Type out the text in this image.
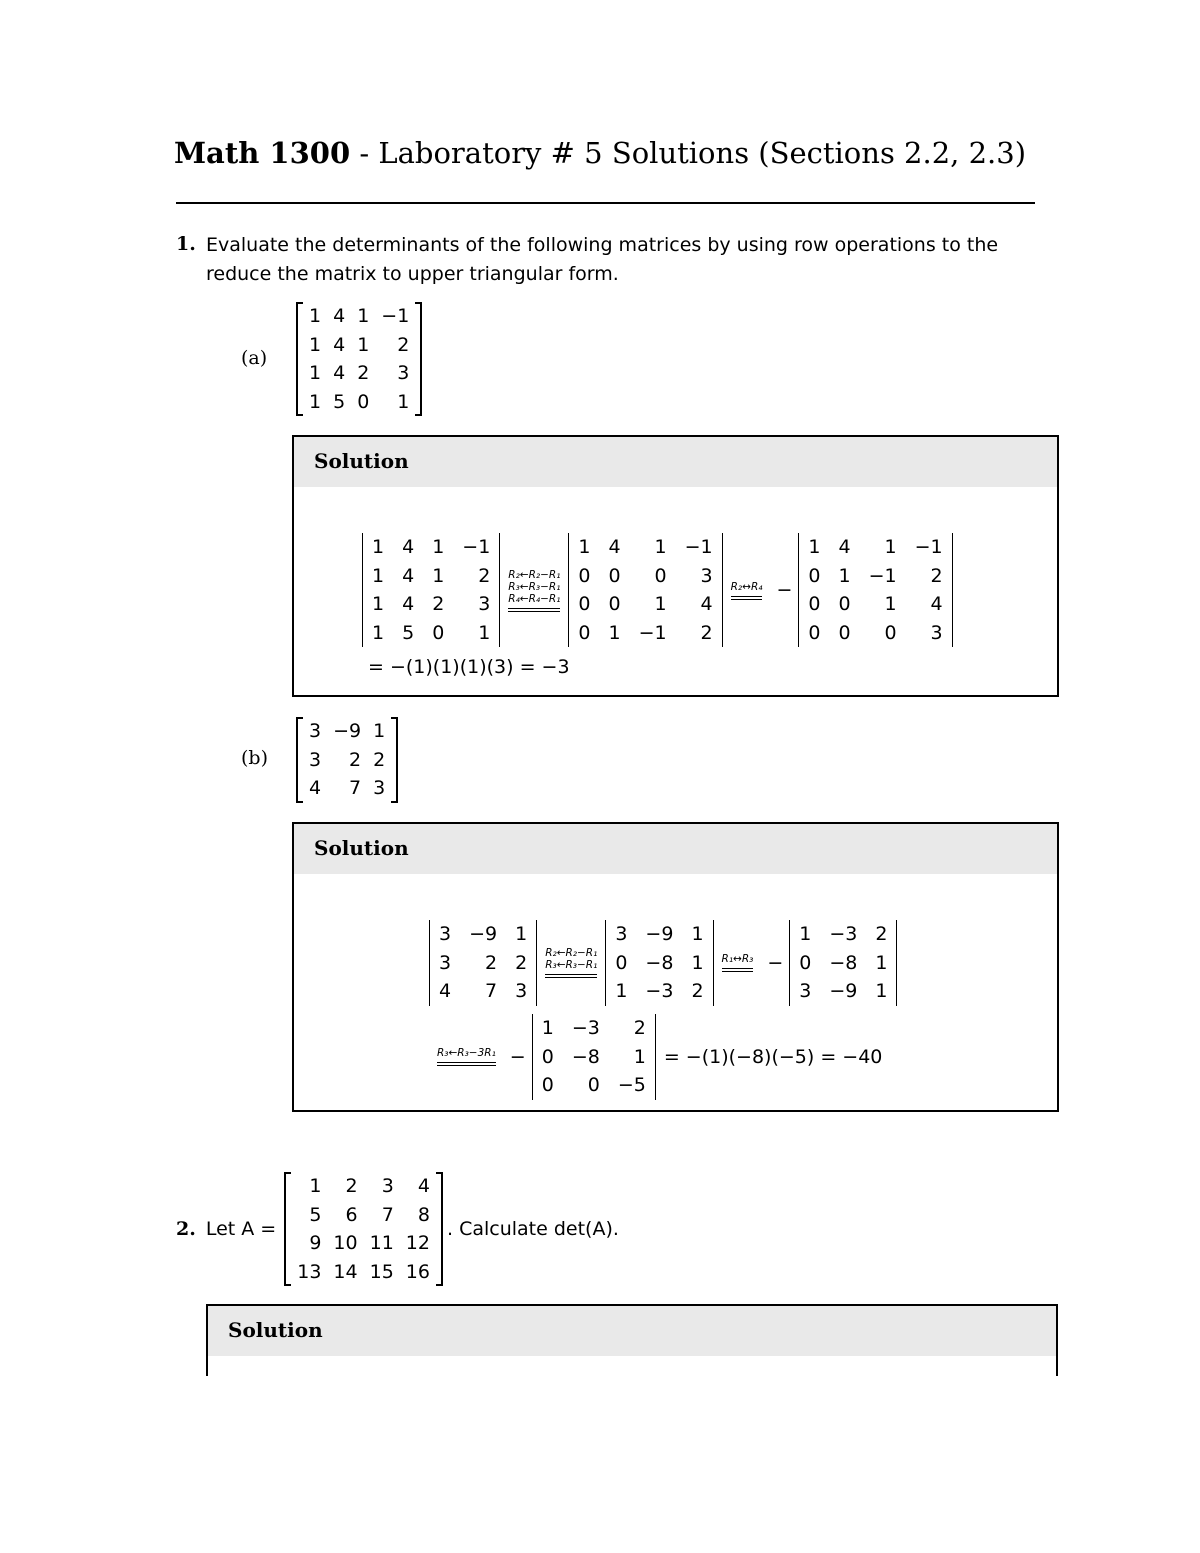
Math 1300 - Laboratory # 5 Solutions (Sections 2.2, 2.3)
1. Evaluate the determinants of the following matrices by using row operations to the
reduce the matrix to upper triangular form.
(a)
1	4	1	−1
1	4	1	2
1	4	2	3
1	5	0	1
Solution
1	4	1	−1
1	4	1	2
1	4	2	3
1	5	0	1
R₂←R₂−R₁
R₃←R₃−R₁
R₄←R₄−R₁
1	4	1	−1
0	0	0	3
0	0	1	4
0	1	−1	2
R₂↔R₄ −
1	4	1	−1
0	1	−1	2
0	0	1	4
0	0	0	3
= −(1)(1)(1)(3) = −3
(b)
3	−9	1
3	2	2
4	7	3
Solution
3	−9	1
3	2	2
4	7	3
R₂←R₂−R₁
R₃←R₃−R₁
3	−9	1
0	−8	1
1	−3	2
R₁↔R₃ −
1	−3	2
0	−8	1
3	−9	1
R₃←R₃−3R₁ −
1	−3	2
0	−8	1
0	0	−5
= −(1)(−8)(−5) = −40
2. Let A =
1	2	3	4
5	6	7	8
9	10	11	12
13	14	15	16
. Calculate det(A).
Solution
